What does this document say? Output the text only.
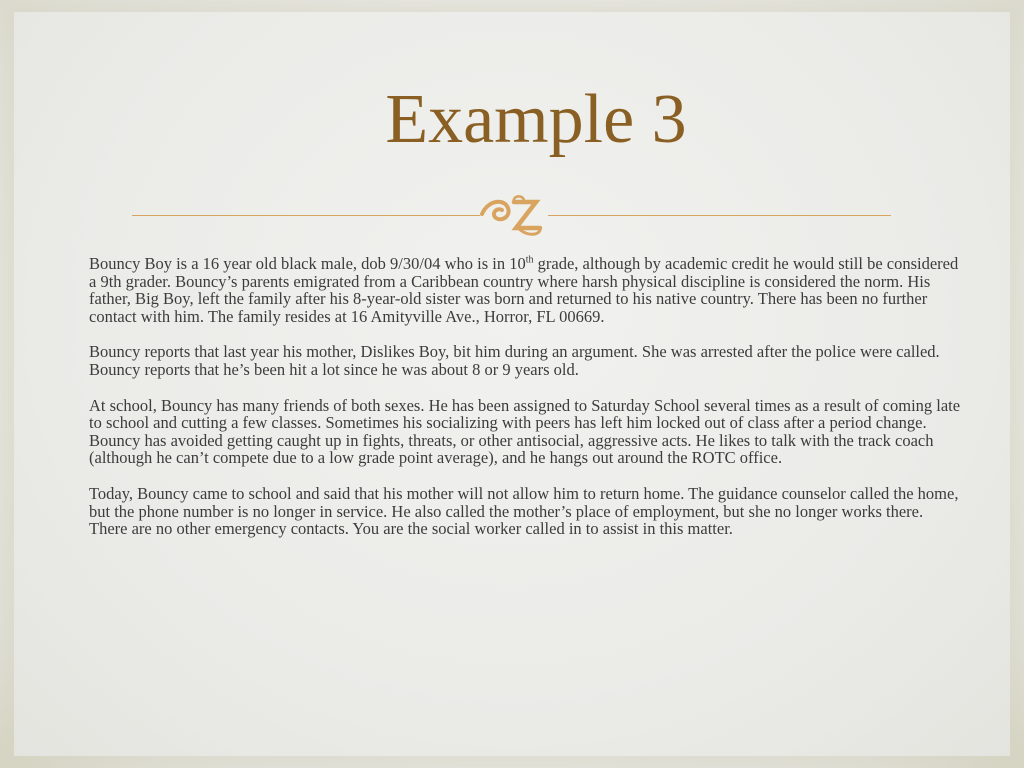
Example 3

Bouncy Boy is a 16 year old black male, dob 9/30/04 who is in 10th grade, although by academic credit he would still be considered a 9th grader. Bouncy’s parents emigrated from a Caribbean country where harsh physical discipline is considered the norm. His father, Big Boy, left the family after his 8-year-old sister was born and returned to his native country. There has been no further contact with him. The family resides at 16 Amityville Ave., Horror, FL 00669.

Bouncy reports that last year his mother, Dislikes Boy, bit him during an argument. She was arrested after the police were called. Bouncy reports that he’s been hit a lot since he was about 8 or 9 years old.

At school, Bouncy has many friends of both sexes. He has been assigned to Saturday School several times as a result of coming late to school and cutting a few classes. Sometimes his socializing with peers has left him locked out of class after a period change. Bouncy has avoided getting caught up in fights, threats, or other antisocial, aggressive acts. He likes to talk with the track coach (although he can’t compete due to a low grade point average), and he hangs out around the ROTC office.

Today, Bouncy came to school and said that his mother will not allow him to return home. The guidance counselor called the home, but the phone number is no longer in service. He also called the mother’s place of employment, but she no longer works there. There are no other emergency contacts. You are the social worker called in to assist in this matter.
